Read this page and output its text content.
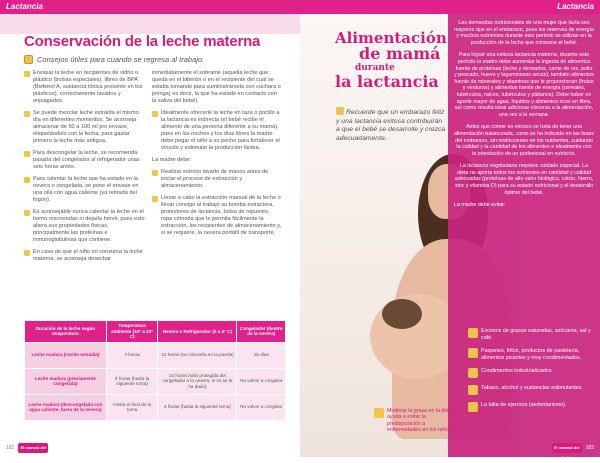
Lactancia
Conservación de la leche materna
Consejos útiles para cuando se regresa al trabajo.
Envasar la leche en recipientes de vidrio o plástico (bolsas especiales), libres de BPA (Bisfenol A, sustancia tóxica presente en los plásticos), correctamente lavados y enjuagados.
Se puede mezclar leche extraída el mismo día en diferentes momentos. Se aconseja almacenar de 50 a 100 ml por envase, etiquetándolo con la fecha, para gastar primero la leche más antigua.
Para descongelar la leche, se recomienda pasarla del congelador al refrigerador unas seis horas antes.
Para calentar la leche que ha estado en la nevera o congelada, se pone el envase en una olla con agua caliente (ya retirada del fogón).
Es aconsejable nunca calentar la leche en el horno microondas ni dejarla hervir, pues esto altera sus propiedades físicas, principalmente las proteínas e inmunoglobulinas que contiene.
En caso de que el niño no consuma la leche materna, se aconseja desechar
inmediatamente el sobrante (aquella leche que queda en el biberón o en el recipiente del cual se estaba tomando para suministrársela con cuchara o jeringa) es decir, la que ha estado en contacto con la saliva del bebé).
Idealmente ofrecerle la leche en taza o pocillo a la lactancia es indirecta (el bebé recibe el alimento de una persona diferente a su mamá), pues en las noches y los días libres la madre debe pegar el niño a su pecho para fortalecer el vínculo y estimular la producción láctea.
La madre debe:
Realizar estricto lavado de manos antes de iniciar el proceso de extracción y almacenamiento.
Llevar a cabo la extracción manual de la leche o llevar consigo al trabajo su bomba extractora, protectores de lactancia, bolsa de repuesto, ropa cómoda que le permita fácilmente la extracción, los recipientes de almacenamiento y, si se requiere, la nevera portátil de transporte.
Duración de la leche según temperatura	Temperatura ambiente (19° a 22° C)	Nevera o Refrigerador (0 a 4° C)	Congelador (dentro de la nevera)
Leche madura (recién extraída)	4 horas	12 horas (no colocarla en la puerta)	15 días
Leche madura (previamente congelada)	4 horas (hasta la siguiente toma)	24 horas (sólo protegida del congelador a la nevera, si no se le ha dado)	No volver a congelar
Leche madura (descongelada con agua caliente, fuera de la nevera)	Hasta el final de la toma	4 horas (hasta la siguiente toma)	No volver a congelar
182	El manual del bebé
Lactancia
Alimentación
de mamá
durante
la lactancia
Recuerde que un embarazo feliz y una lactancia exitosa contribuirán a que el bebé se desarrolle y crezca adecuadamente.
Las demandas nutricionales de una mujer que lacta son mayores que en el embarazo, pues los reservas de energía y muchos nutrientes durante este periodo se utilizan en la producción de la leche que consume el bebé.
Para lograr una exitosa lactancia materna, durante este período la madre debe aumentar la ingesta de alimentos fuente de proteínas (leche y derivados, carne de res, pollo y pescado, huevo y leguminosas secas); también alimentos fuente de minerales y vitaminas que le proporcionan (frutas y verduras) y alimentos fuente de energía (cereales, tubérculos, raíces, tubérculos y plátanos). Debe haber un aporte mayor de agua, líquidos y alimentos ricos en fibra, así como resulta ideal adicionar vísceras a la alimentación, una vez a la semana.
Antes que comer en exceso se trata de tener una alimentación balanceada, como se ha indicado en las fases del embarazo, sin restricciones en los nutrientes, cuidando la calidad y la cantidad de los alimentos e idealmente con la orientación de un profesional en nutrición.
La lactancia vegetariana requiere cuidado especial. La dieta no aporta todos los nutrientes en cantidad y calidad adecuadas (proteínas de alto valor biológico, calcio, hierro, zinc y vitamina D) para su estado nutricional y el desarrollo óptimo del bebé.
La madre debe evitar:
Excesos de grasas saturadas, azúcares, sal y café.
Paquetes, fritos, productos de pastelería, alimentos picantes y muy condimentados.
Condimentos industrializados.
Tabaco, alcohol y sustancias estimulantes.
La falta de ejercicio (sedentarismo).
Moderar la grasa en la dieta ayuda a evitar la predisposición a enfermedades en los niños.
El manual del bebé
183
